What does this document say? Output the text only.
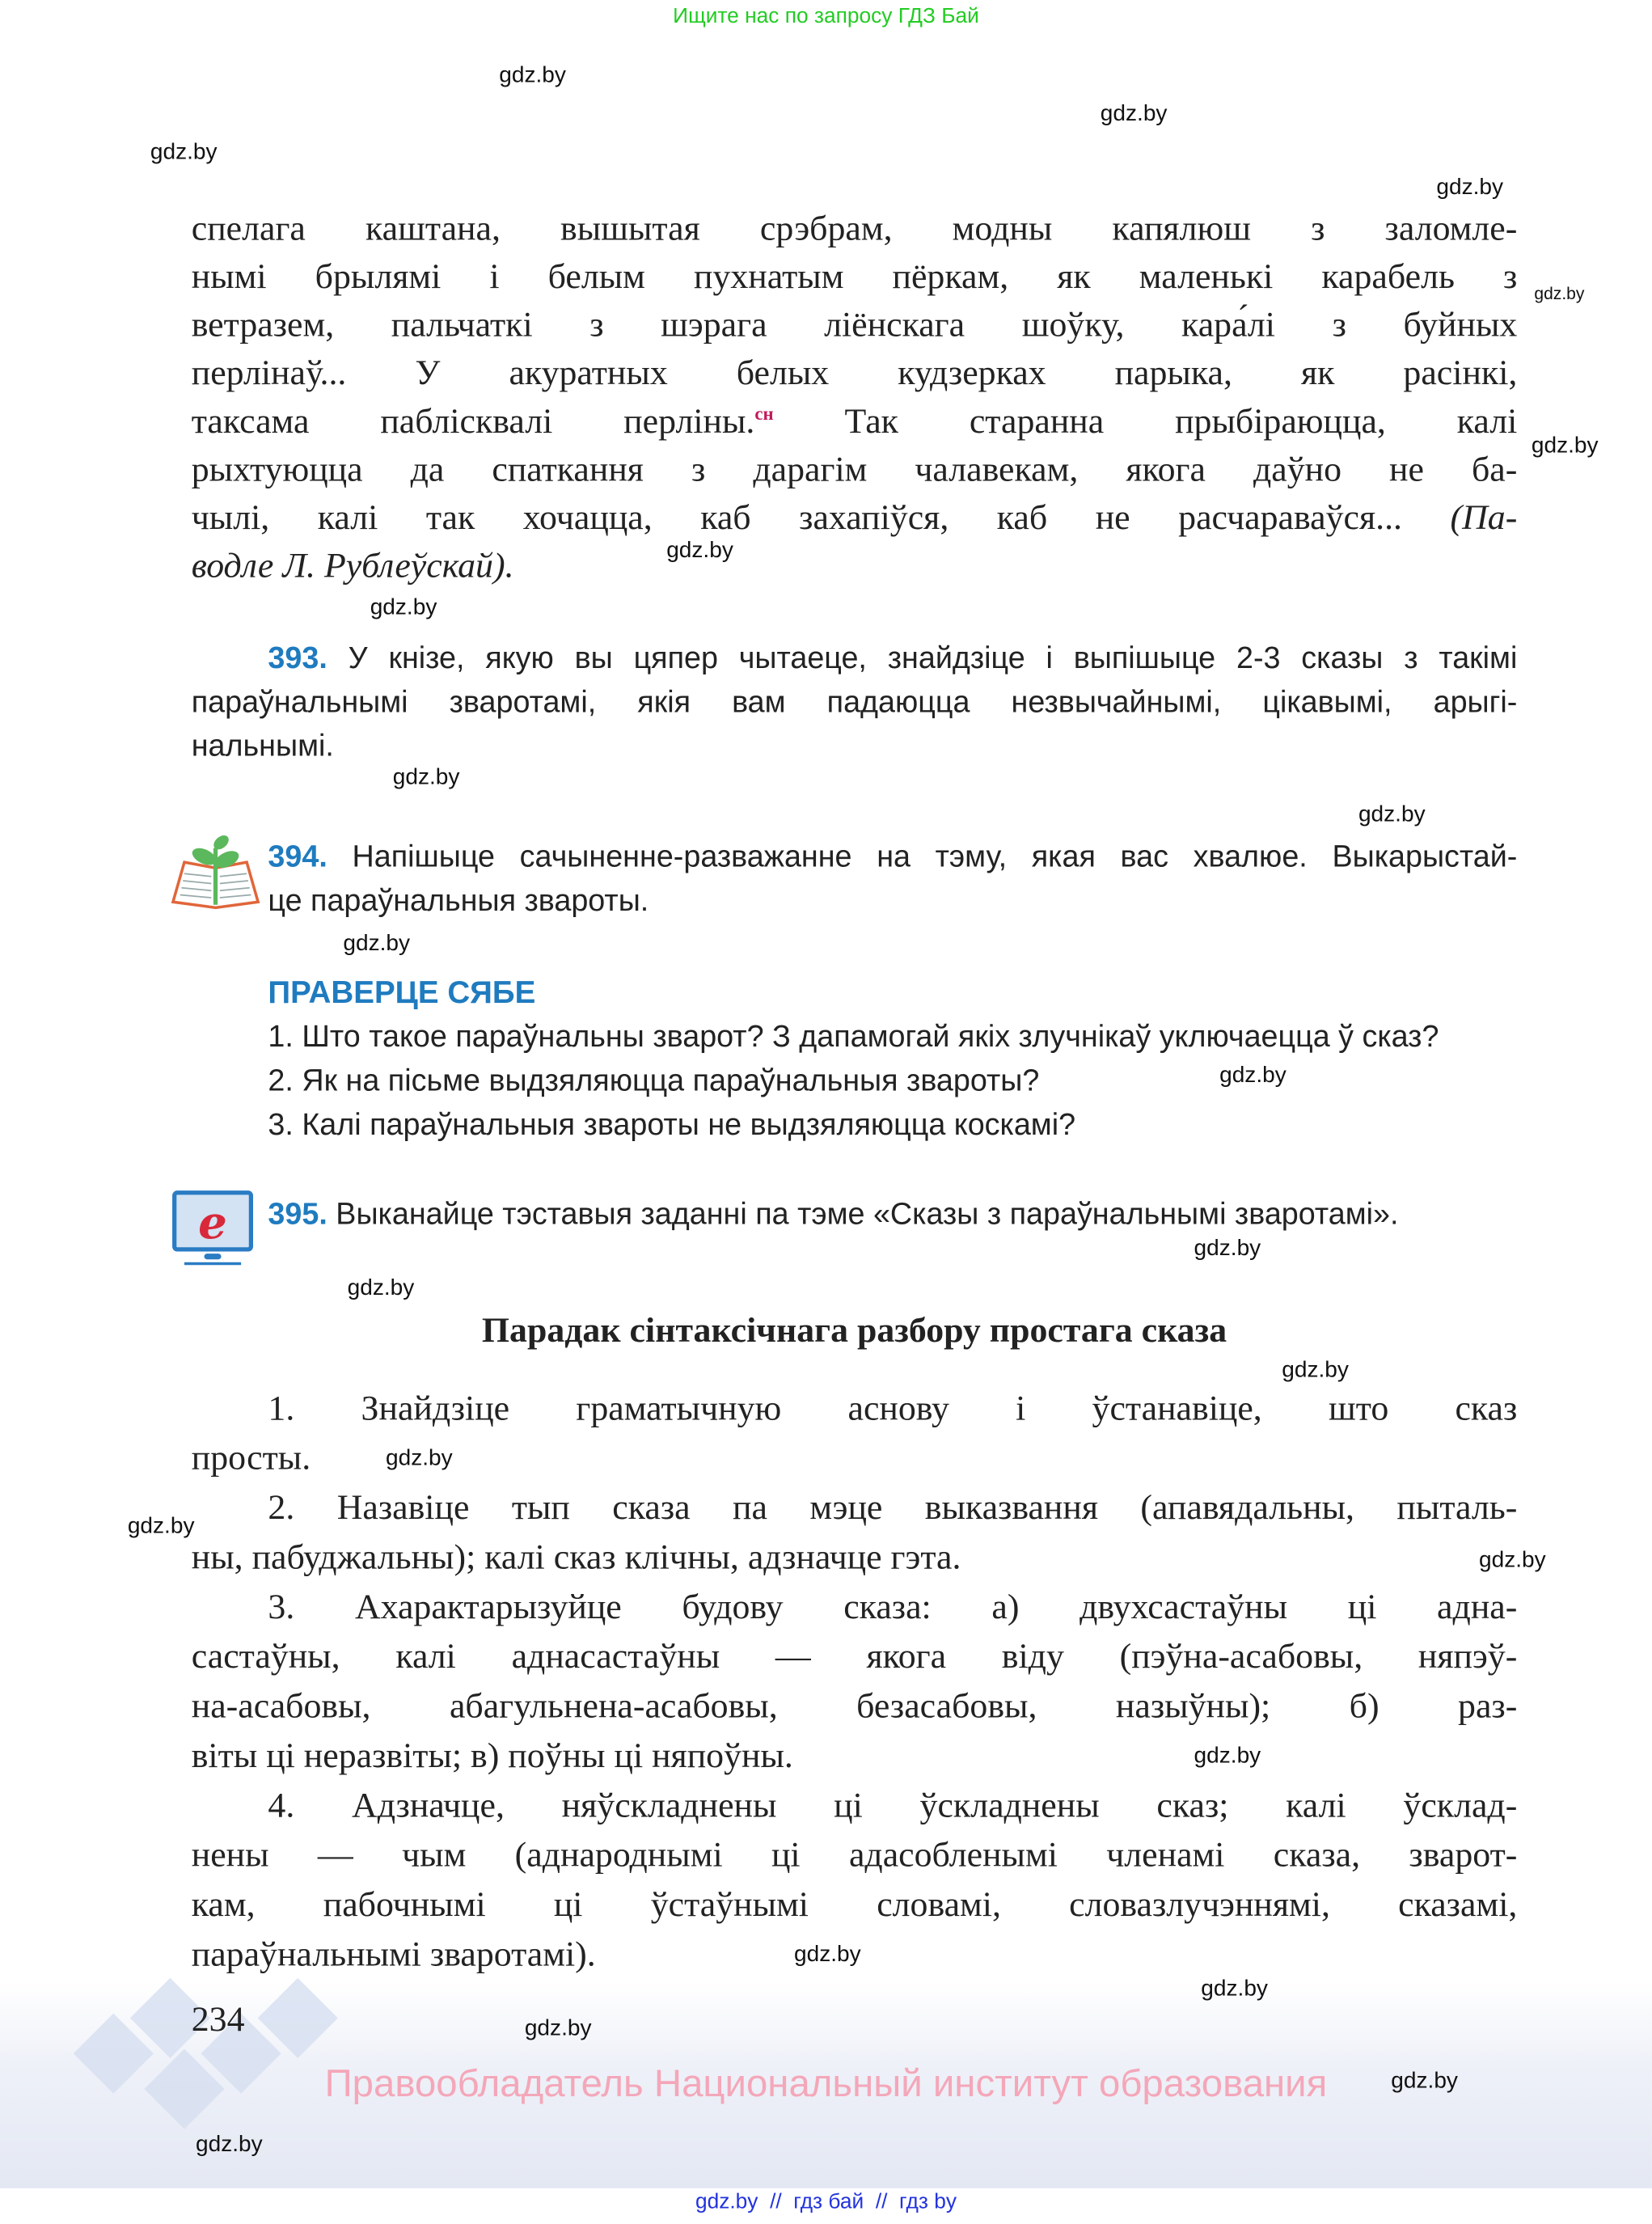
Ищите нас по запросу ГДЗ Бай
спелага каштана, вышытая срэбрам, модны капялюш з заломле-
нымі брылямі і белым пухнатым пёркам, як маленькі карабель з
ветразем, пальчаткі з шэрага ліёнскага шоўку, кара́лі з буйных
перлінаў... У акуратных белых кудзерках парыка, як расінкі,
таксама паблісквалі перліны.$^{сн}$ Так старанна прыбіраюцца, калі
рыхтуюцца да спаткання з дарагім чалавекам, якога даўно не ба-
чылі, калі так хочацца, каб захапіўся, каб не расчараваўся... (Па-
водле Л. Рублеўскай).
393. У кнізе, якую вы цяпер чытаеце, знайдзіце і выпішыце 2-3 сказы з такімі
параўнальнымі зваротамі, якія вам падаюцца незвычайнымі, цікавымі, арыгі-
нальнымі.
394. Напішыце сачыненне-разважанне на тэму, якая вас хвалюе. Выкарыстай-
це параўнальныя звароты.
ПРАВЕРЦЕ СЯБЕ
1. Што такое параўнальны зварот? З дапамогай якіх злучнікаў уключаецца ў сказ?
2. Як на пісьме выдзяляюцца параўнальныя звароты?
3. Калі параўнальныя звароты не выдзяляюцца коскамі?
e 395. Выканайце тэставыя заданні па тэме «Сказы з параўнальнымі зваротамі».
Парадак сінтаксічнага разбору простага сказа
1. Знайдзіце граматычную аснову і ўстанавіце, што сказ
просты.
2. Назавіце тып сказа па мэце выказвання (апавядальны, пыталь-
ны, пабуджальны); калі сказ клічны, адзначце гэта.
3. Ахарактарызуйце будову сказа: а) двухсастаўны ці адна-
састаўны, калі аднасастаўны — якога віду (пэўна-асабовы, няпэў-
на-асабовы, абагульнена-асабовы, безасабовы, назыўны); б) раз-
віты ці неразвіты; в) поўны ці няпоўны.
4. Адзначце, няўскладнены ці ўскладнены сказ; калі ўсклад-
нены — чым (аднароднымі ці адасобленымі членамі сказа, зварот-
кам, пабочнымі ці ўстаўнымі словамі, словазлучэннямі, сказамі,
параўнальнымі зваротамі).
234
Правообладатель Национальный институт образования
gdz.by  //  гдз бай  //  гдз by
gdz.by
gdz.by
gdz.by
gdz.by
gdz.by
gdz.by
gdz.by
gdz.by
gdz.by
gdz.by
gdz.by
gdz.by
gdz.by
gdz.by
gdz.by
gdz.by
gdz.by
gdz.by
gdz.by
gdz.by
gdz.by
gdz.by
gdz.by
gdz.by
